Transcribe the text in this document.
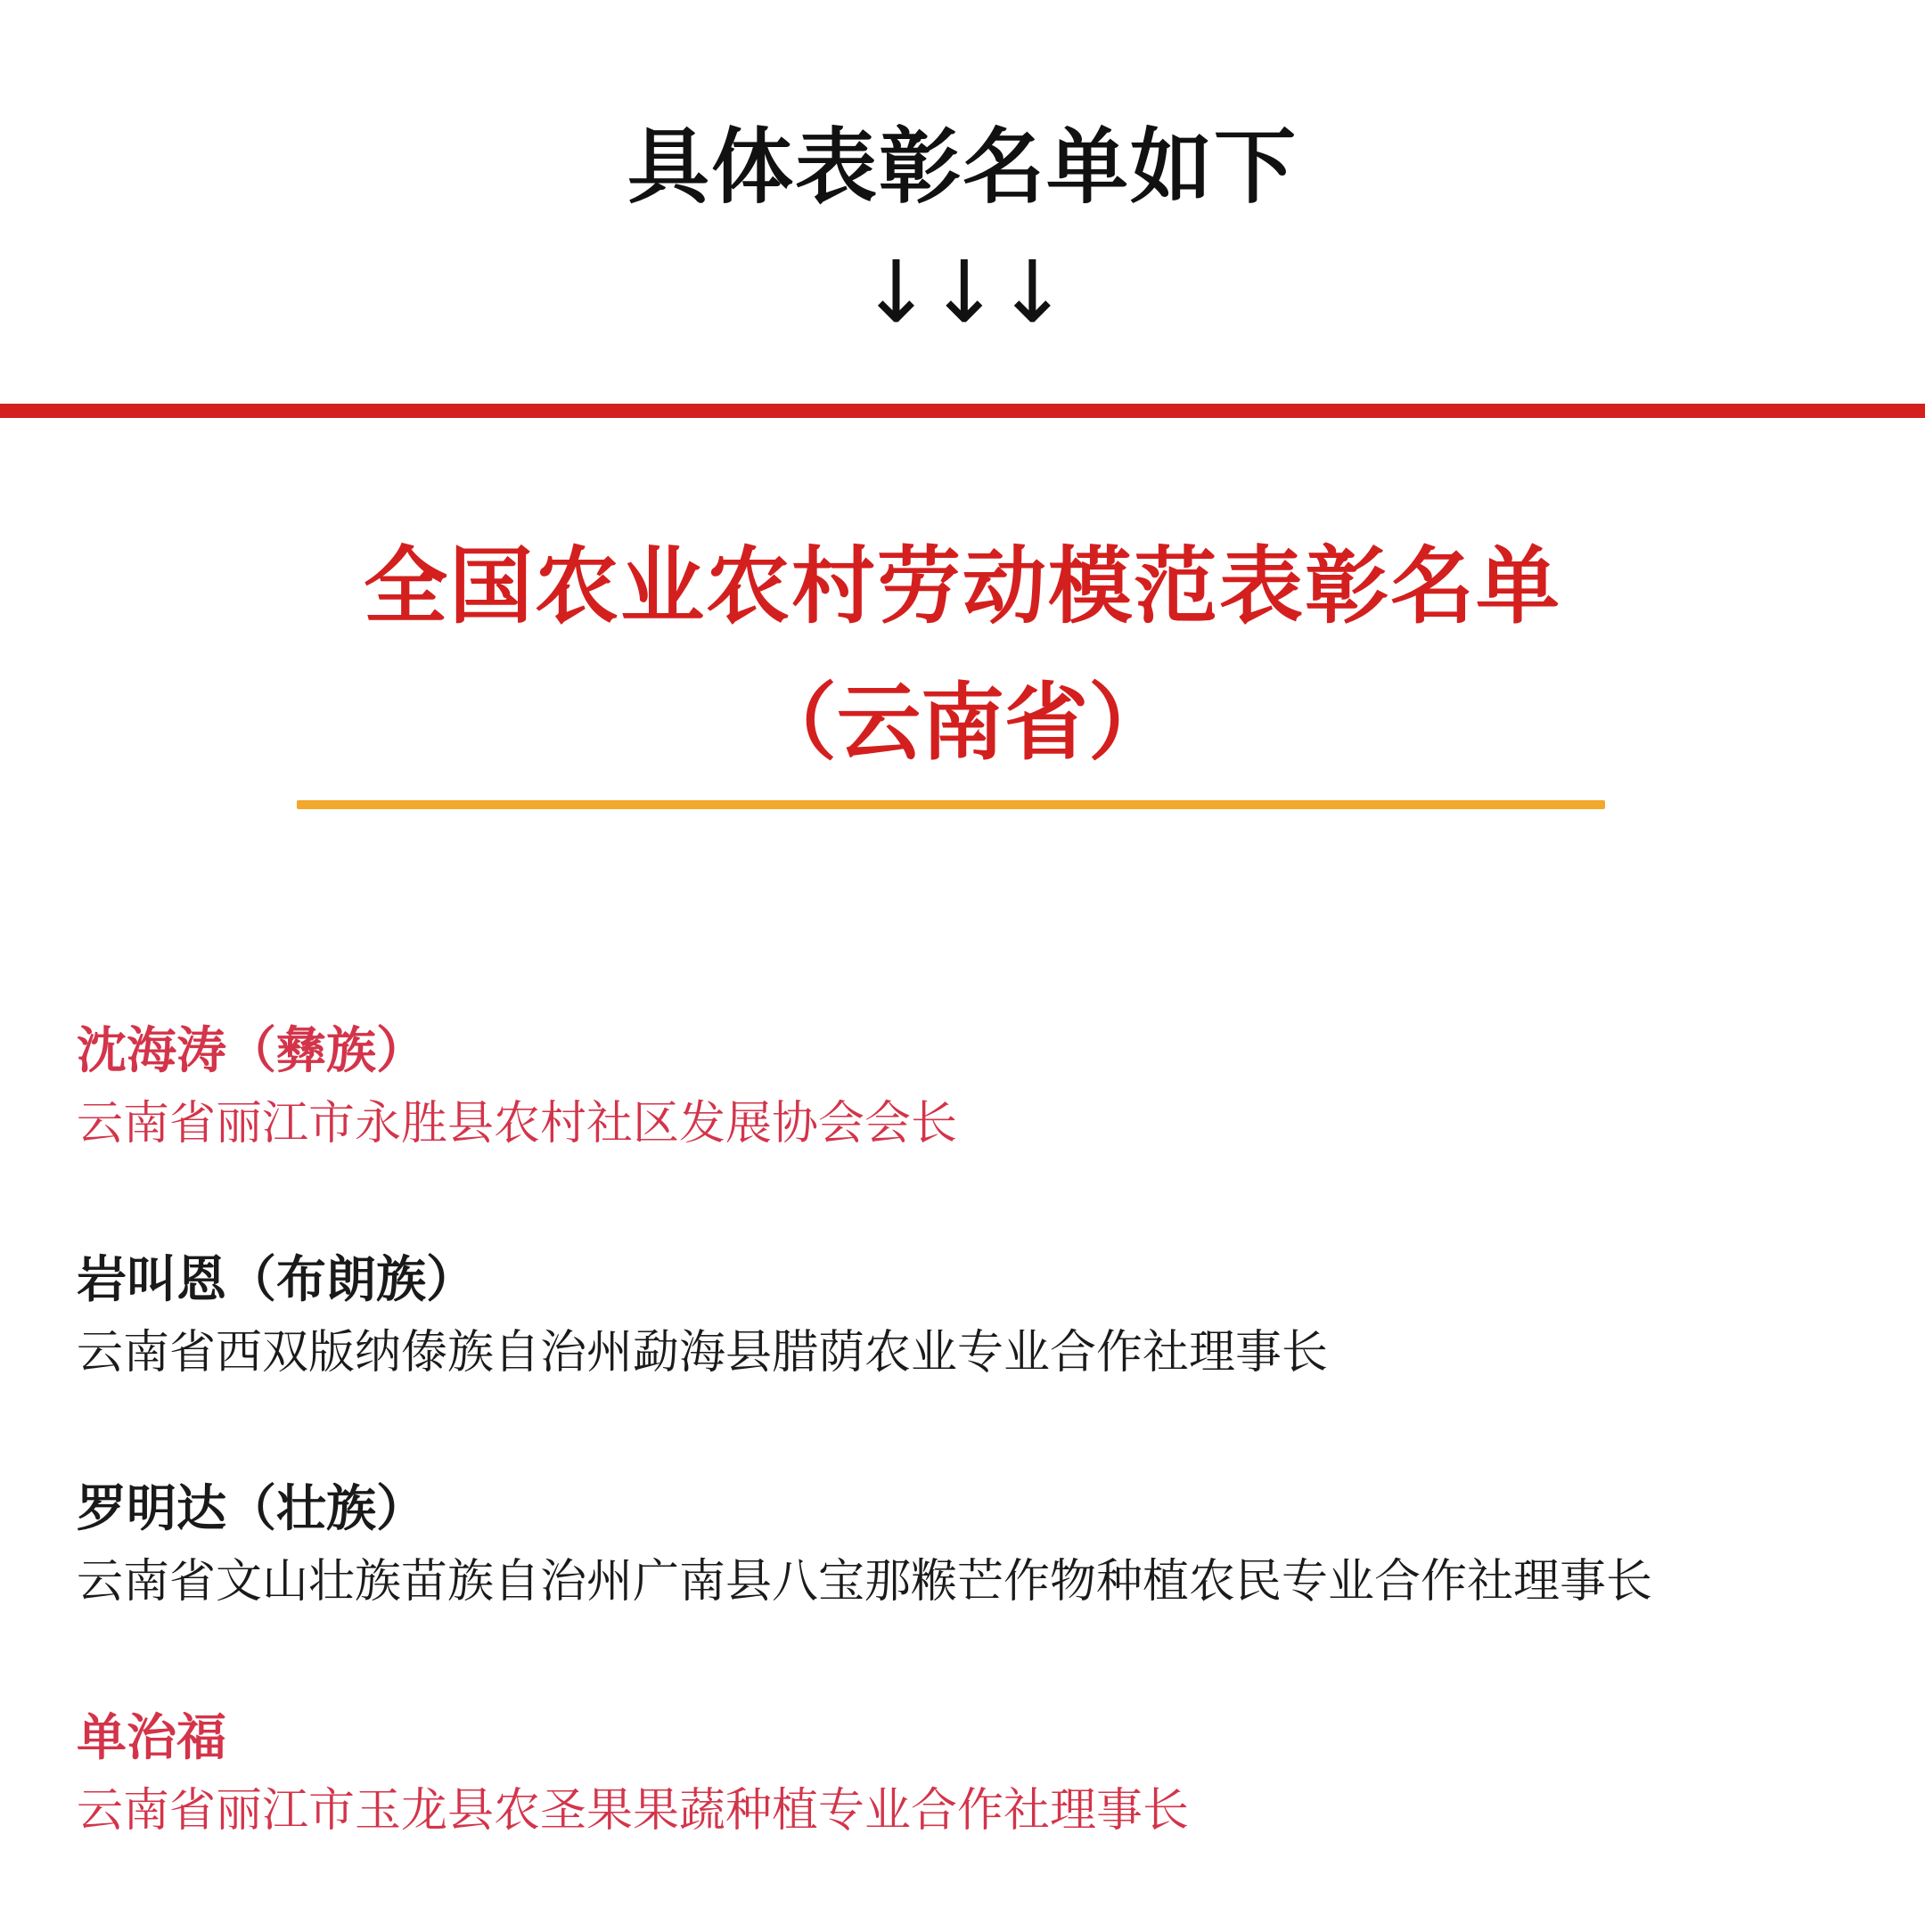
具体表彰名单如下
↓↓↓
全国农业农村劳动模范表彰名单
（云南省）
沈海涛（彝族）
云南省丽江市永胜县农村社区发展协会会长
岩叫恩（布朗族）
云南省西双版纳傣族自治州勐海县腊荫农业专业合作社理事长
罗明达（壮族）
云南省文山壮族苗族自治州广南县八宝那糇芒作物种植农民专业合作社理事长
单治福
云南省丽江市玉龙县农圣果果蔬种植专业合作社理事长
